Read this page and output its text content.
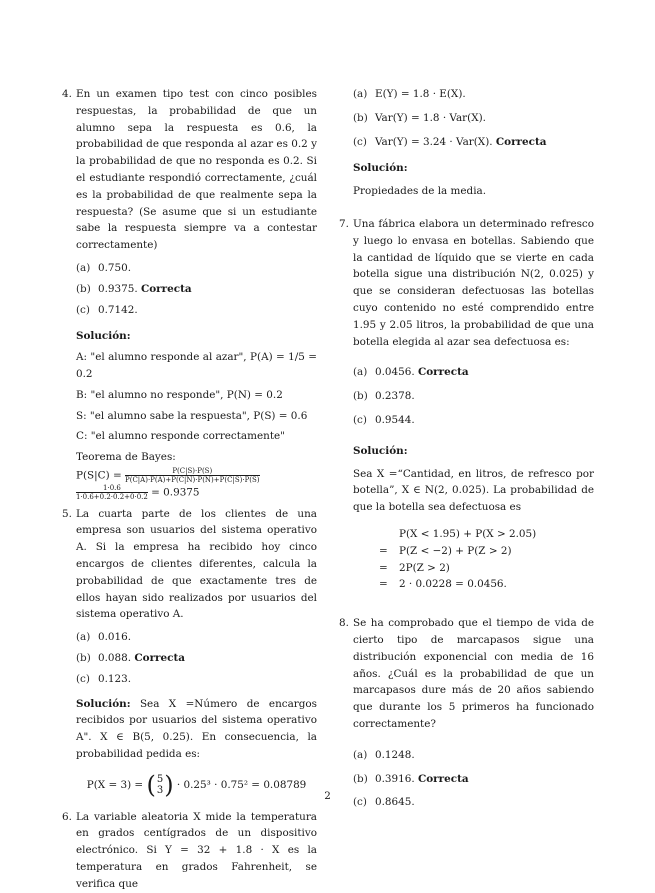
4. En un examen tipo test con cinco posibles respuestas, la probabilidad de que un alumno sepa la respuesta es 0.6, la probabilidad de que responda al azar es 0.2 y la probabilidad de que no responda es 0.2. Si el estudiante respondió correctamente, ¿cuál es la probabilidad de que realmente sepa la respuesta? (Se asume que si un estudiante sabe la respuesta siempre va a contestar correctamente)
(a) 0.750.
(b) 0.9375.
Correcta
(c) 0.7142.
Solución:
A: "el alumno responde al azar", P(A) = 1/5 = 0.2
B: "el alumno no responde", P(N) = 0.2
S: "el alumno sabe la respuesta", P(S) = 0.6
C: "el alumno responde correctamente"
Teorema de Bayes:
$P(S|C) = \frac{P(C|S)\cdot P(S)}{P(C|A)\cdot P(A)+P(C|N)\cdot P(N)+P(C|S)\cdot P(S)}$
$\frac{1\cdot 0.6}{1\cdot 0.6+0.2\cdot 0.2+0\cdot 0.2} = 0.9375$
5. La cuarta parte de los clientes de una empresa son usuarios del sistema operativo A. Si la empresa ha recibido hoy cinco encargos de clientes diferentes, calcula la probabilidad de que exactamente tres de ellos hayan sido realizados por usuarios del sistema operativo A.
(a) 0.016.
(b) 0.088.
Correcta
(c) 0.123.
Solución: Sea X =Número de encargos recibidos por usuarios del sistema operativo A". X ∈ B(5, 0.25). En consecuencia, la probabilidad pedida es:
P(X = 3) = ( 5
3 ) · 0.25³ · 0.75² = 0.08789
6. La variable aleatoria X mide la temperatura en grados centígrados de un dispositivo electrónico. Si Y = 32 + 1.8 · X es la temperatura en grados Fahrenheit, se verifica que
(a) E(Y) = 1.8 · E(X).
(b) Var(Y) = 1.8 · Var(X).
(c) Var(Y) = 3.24 · Var(X).
Correcta
Solución:
Propiedades de la media.
7. Una fábrica elabora un determinado refresco y luego lo envasa en botellas. Sabiendo que la cantidad de líquido que se vierte en cada botella sigue una distribución N(2, 0.025) y que se consideran defectuosas las botellas cuyo contenido no esté comprendido entre 1.95 y 2.05 litros, la probabilidad de que una botella elegida al azar sea defectuosa es:
(a) 0.0456.
Correcta
(b) 0.2378.
(c) 0.9544.
Solución:
Sea X =“Cantidad, en litros, de refresco por botella”, X ∈ N(2, 0.025). La probabilidad de que la botella sea defectuosa es
P(X < 1.95) + P(X > 2.05)
=	P(Z < −2) + P(Z > 2)
=	2P(Z > 2)
=	2 · 0.0228 = 0.0456.
8. Se ha comprobado que el tiempo de vida de cierto tipo de marcapasos sigue una distribución exponencial con media de 16 años. ¿Cuál es la probabilidad de que un marcapasos dure más de 20 años sabiendo que durante los 5 primeros ha funcionado correctamente?
(a) 0.1248.
(b) 0.3916.
Correcta
(c) 0.8645.
2
